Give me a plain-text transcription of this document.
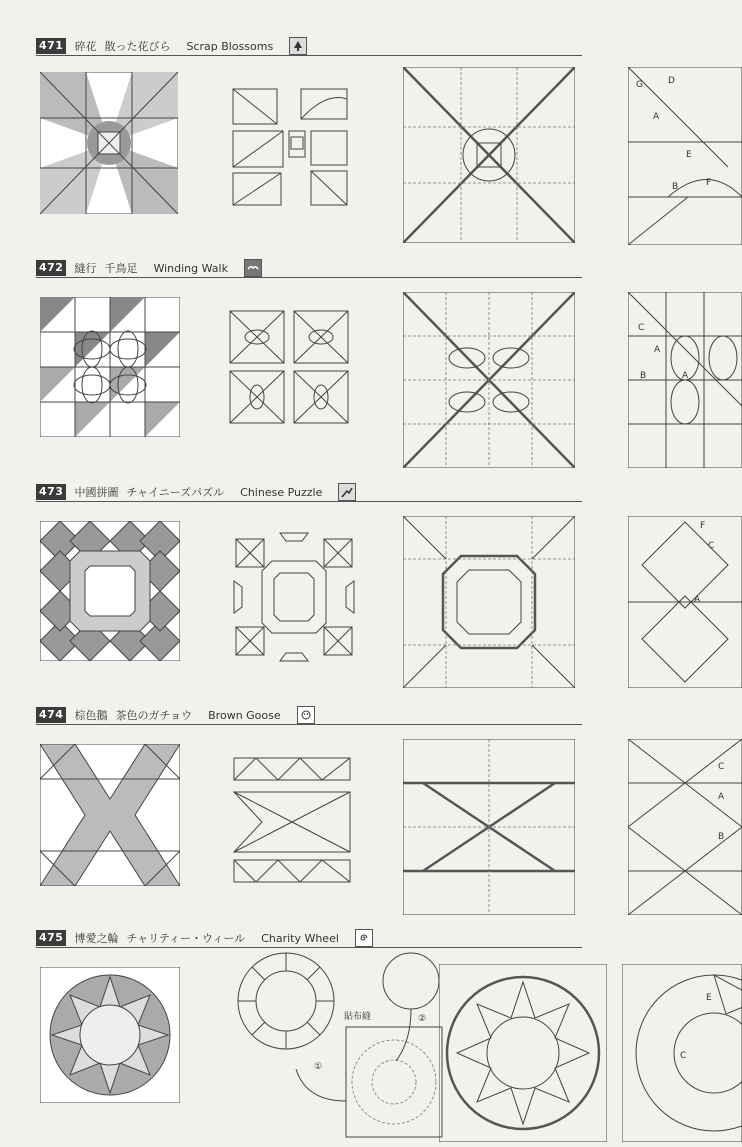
471 碎花 散った花びら Scrap Blossoms
G	D
A
E
B	F
472 縫行 千鳥足 Winding Walk
C
A
B	A
473 中國拼圖 チャイニーズパズル Chinese Puzzle
F
C
A
474 棕色鵝 茶色のガチョウ Brown Goose
C
A
B
475 博愛之輪 チャリティー・ウィール Charity Wheel
貼布縫
①
②
E
C
